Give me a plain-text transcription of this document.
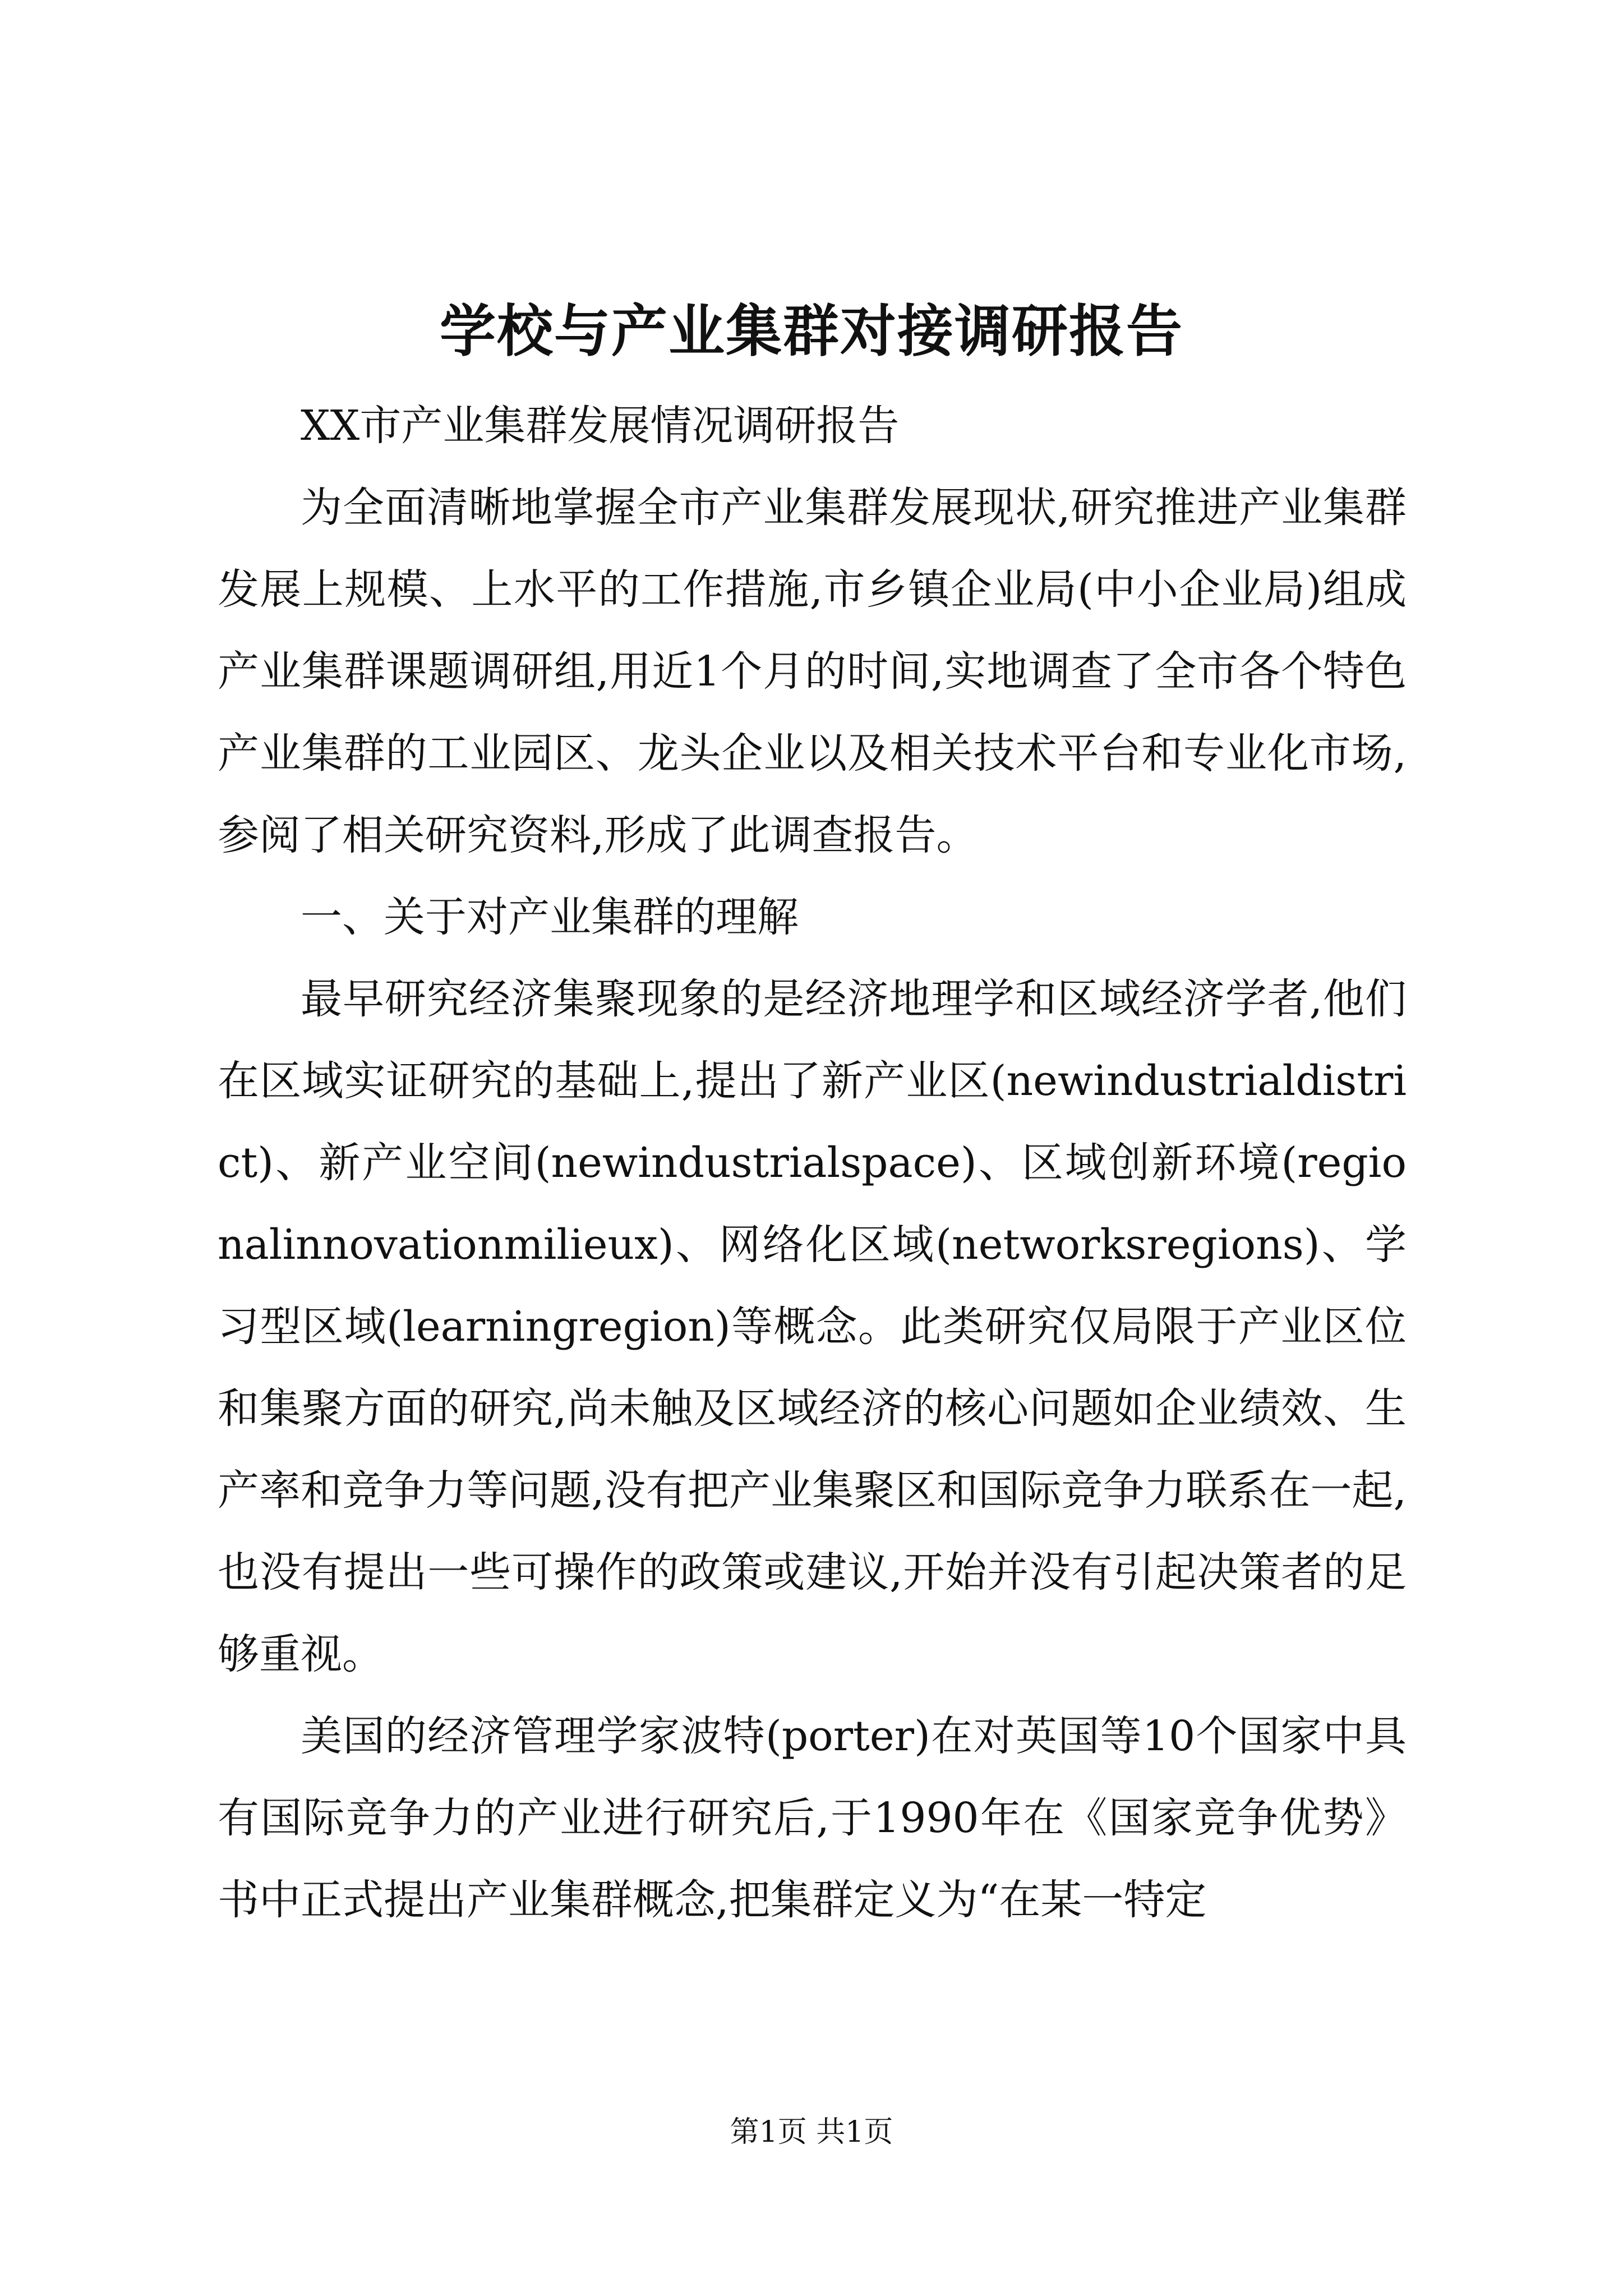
学校与产业集群对接调研报告

XX市产业集群发展情况调研报告

为全面清晰地掌握全市产业集群发展现状,研究推进产业集群发展上规模、上水平的工作措施,市乡镇企业局(中小企业局)组成产业集群课题调研组,用近1个月的时间,实地调查了全市各个特色产业集群的工业园区、龙头企业以及相关技术平台和专业化市场,参阅了相关研究资料,形成了此调查报告。

一、关于对产业集群的理解

最早研究经济集聚现象的是经济地理学和区域经济学者,他们在区域实证研究的基础上,提出了新产业区(newindustrialdistrict)、新产业空间(newindustrialspace)、区域创新环境(regionalinnovationmilieux)、网络化区域(networksregions)、学习型区域(learningregion)等概念。此类研究仅局限于产业区位和集聚方面的研究,尚未触及区域经济的核心问题如企业绩效、生产率和竞争力等问题,没有把产业集聚区和国际竞争力联系在一起,也没有提出一些可操作的政策或建议,开始并没有引起决策者的足够重视。

美国的经济管理学家波特(porter)在对英国等10个国家中具有国际竞争力的产业进行研究后,于1990年在《国家竞争优势》书中正式提出产业集群概念,把集群定义为“在某一特定

第1页 共1页
